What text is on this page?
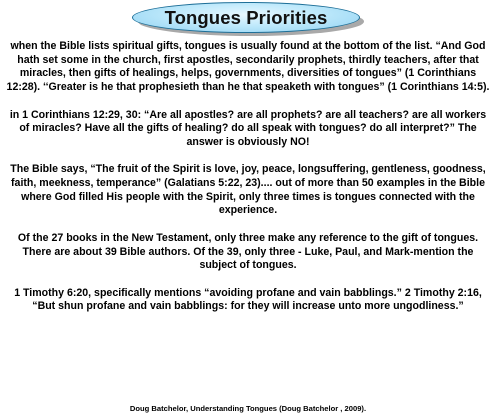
Tongues Priorities

when the Bible lists spiritual gifts, tongues is usually found at the bottom of the list. “And God hath set some in the church, first apostles, secondarily prophets, thirdly teachers, after that miracles, then gifts of healings, helps, governments, diversities of tongues” (1 Corinthians 12:28). ‘‘Greater is he that prophesieth than he that speaketh with tongues” (1 Corinthians 14:5).

in 1 Corinthians 12:29, 30: “Are all apostles? are all prophets? are all teachers? are all workers of miracles? Have all the gifts of healing? do all speak with tongues? do all interpret?” The answer is obviously NO!

The Bible says, “The fruit of the Spirit is love, joy, peace, longsuffering, gentleness, goodness, faith, meekness, temperance” (Galatians 5:22, 23).... out of more than 50 examples in the Bible where God filled His people with the Spirit, only three times is tongues connected with the experience.

Of the 27 books in the New Testament, only three make any reference to the gift of tongues. There are about 39 Bible authors. Of the 39, only three - Luke, Paul, and Mark-mention the subject of tongues.

1 Timothy 6:20, specifically mentions “avoiding profane and vain babblings.” 2 Timothy 2:16, “But shun profane and vain babblings: for they will increase unto more ungodliness.”

Doug Batchelor, Understanding Tongues (Doug Batchelor , 2009).
